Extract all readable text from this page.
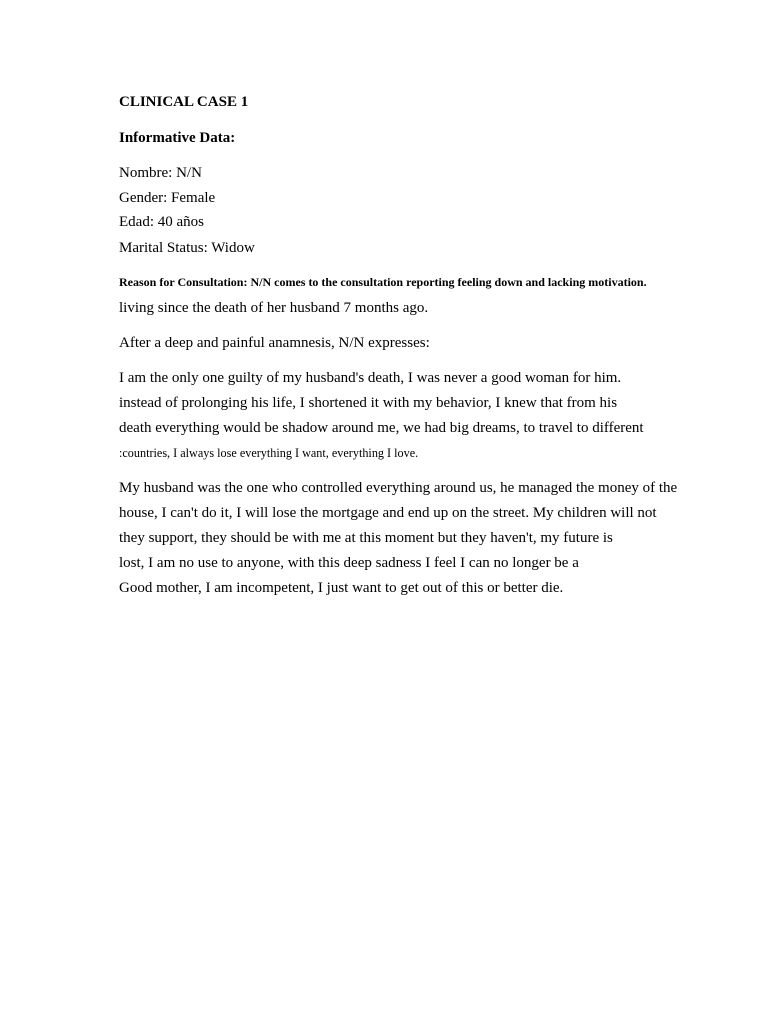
CLINICAL CASE 1
Informative Data:
Nombre: N/N
Gender: Female
Edad: 40 años
Marital Status: Widow
Reason for Consultation: N/N comes to the consultation reporting feeling down and lacking motivation.
living since the death of her husband 7 months ago.
After a deep and painful anamnesis, N/N expresses:
I am the only one guilty of my husband's death, I was never a good woman for him.
instead of prolonging his life, I shortened it with my behavior, I knew that from his
death everything would be shadow around me, we had big dreams, to travel to different
:countries, I always lose everything I want, everything I love.
My husband was the one who controlled everything around us, he managed the money of the
house, I can't do it, I will lose the mortgage and end up on the street. My children will not
they support, they should be with me at this moment but they haven't, my future is
lost, I am no use to anyone, with this deep sadness I feel I can no longer be a
Good mother, I am incompetent, I just want to get out of this or better die.
